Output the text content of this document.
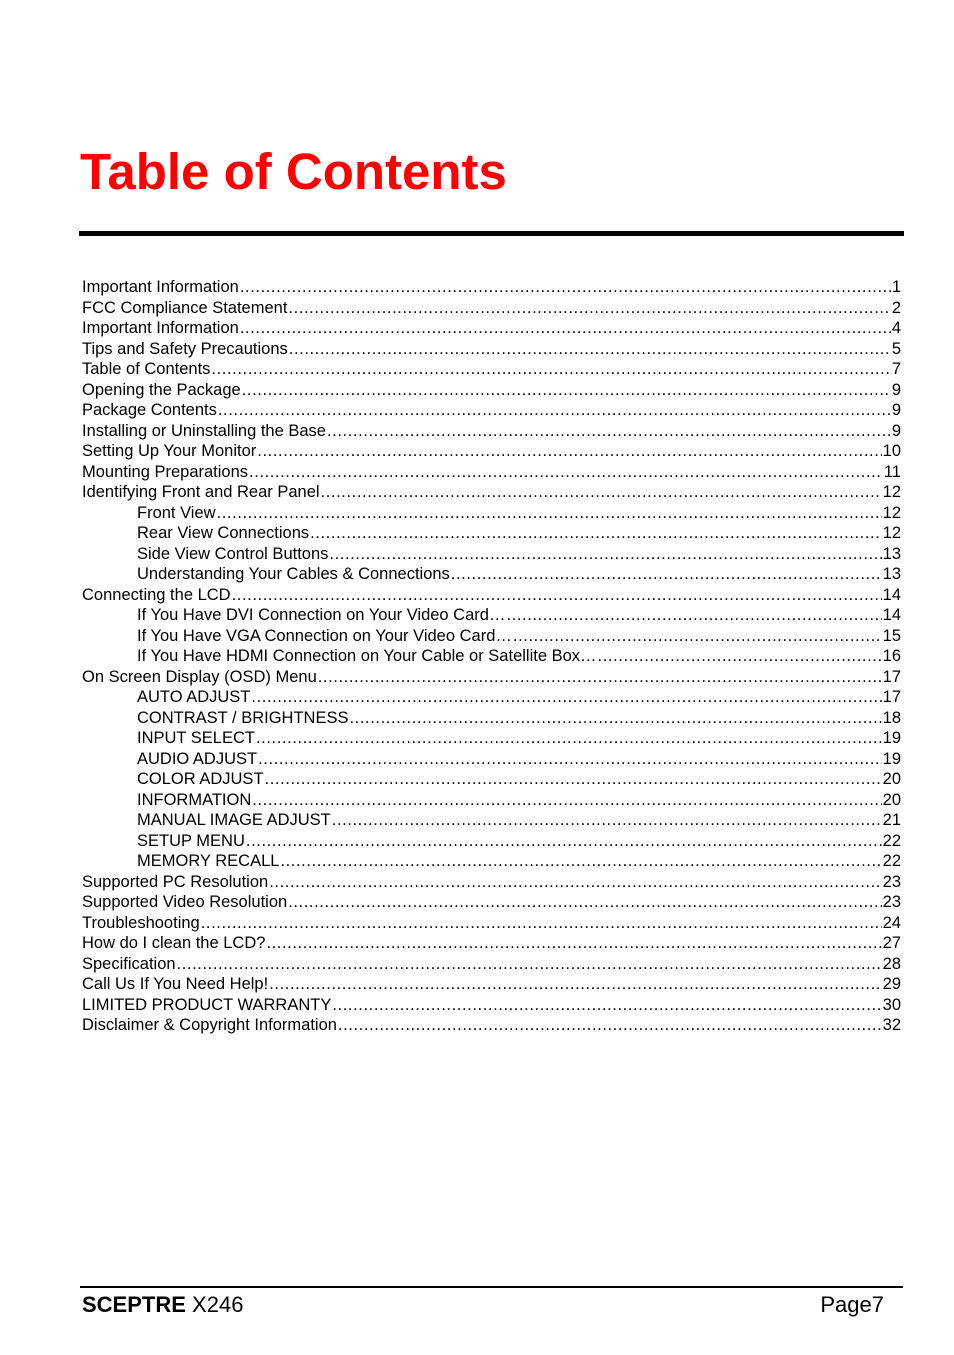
Table of Contents
Important Information .....	1
FCC Compliance Statement .....	2
Important Information .....	4
Tips and Safety Precautions .....	5
Table of Contents .....	7
Opening the Package .....	9
Package Contents .....	9
Installing or Uninstalling the Base .....	9
Setting Up Your Monitor .....	10
Mounting Preparations .....	11
Identifying Front and Rear Panel .....	12
Front View .....	12
Rear View Connections .....	12
Side View Control Buttons .....	13
Understanding Your Cables & Connections .....	13
Connecting the LCD .....	14
If You Have DVI Connection on Your Video Card… .....	14
If You Have VGA Connection on Your Video Card… .....	15
If You Have HDMI Connection on Your Cable or Satellite Box… .....	16
On Screen Display (OSD) Menu .....	17
AUTO ADJUST .....	17
CONTRAST / BRIGHTNESS .....	18
INPUT SELECT .....	19
AUDIO ADJUST .....	19
COLOR ADJUST .....	20
INFORMATION .....	20
MANUAL IMAGE ADJUST .....	21
SETUP MENU .....	22
MEMORY RECALL .....	22
Supported PC Resolution .....	23
Supported Video Resolution .....	23
Troubleshooting .....	24
How do I clean the LCD? .....	27
Specification .....	28
Call Us If You Need Help! .....	29
LIMITED PRODUCT WARRANTY .....	30
Disclaimer & Copyright Information .....	32
SCEPTRE X246	Page7
